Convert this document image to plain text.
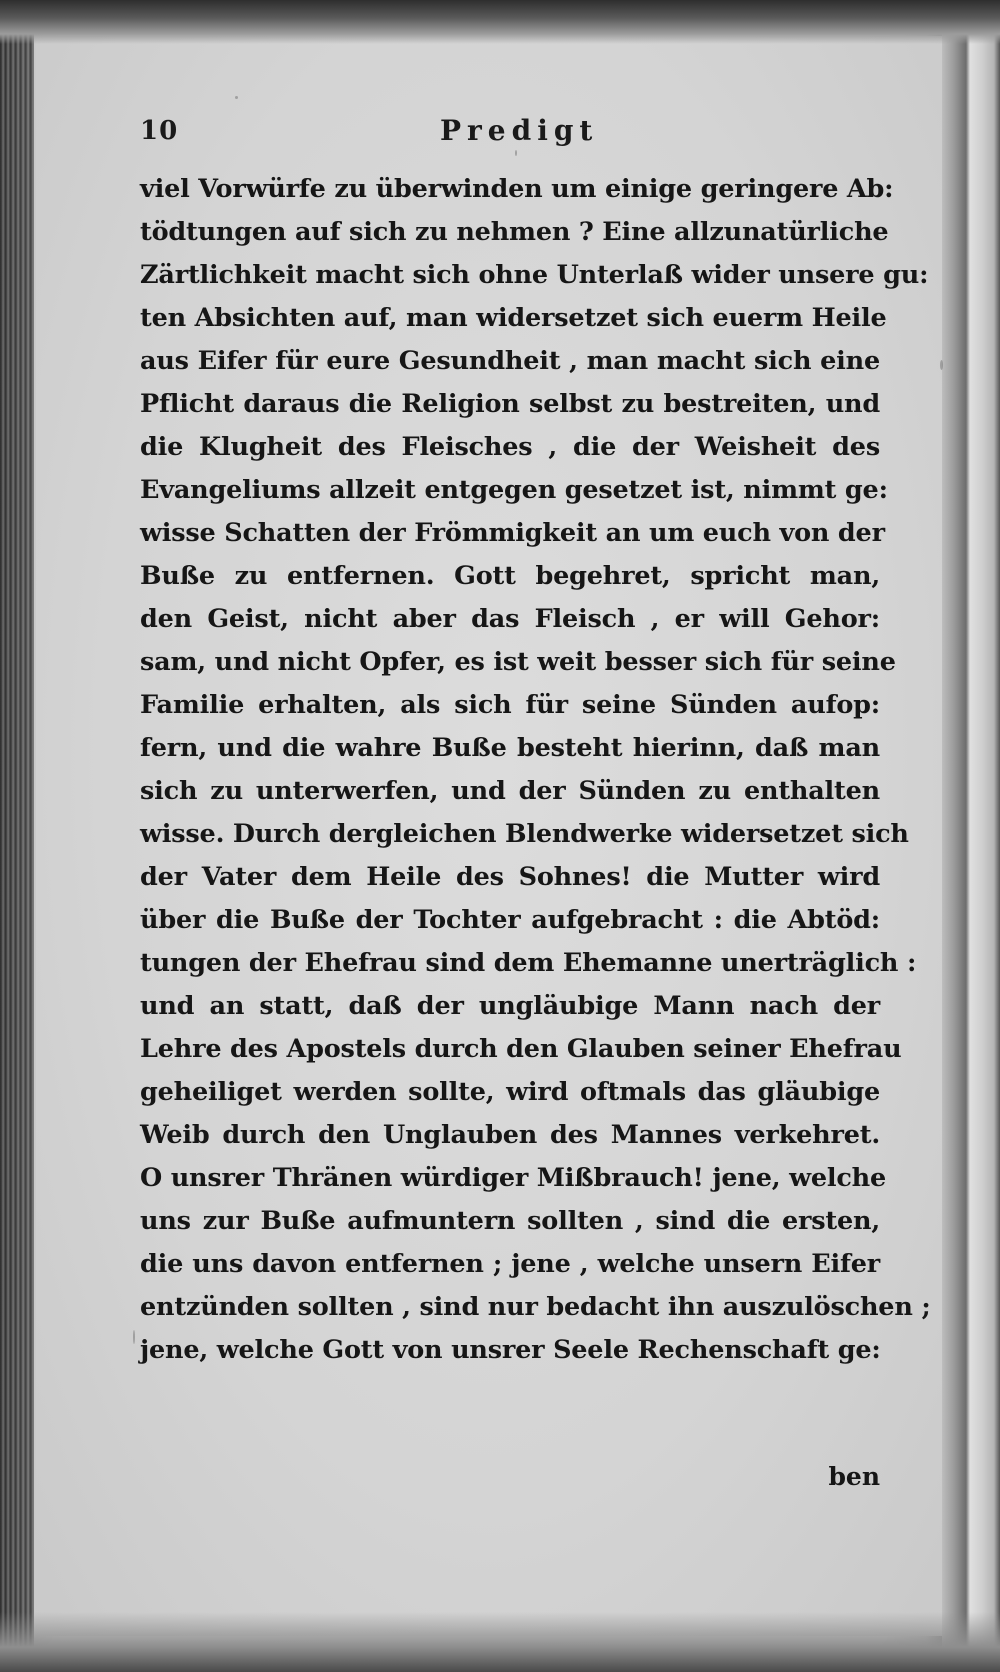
10	Predigt
viel Vorwürfe zu überwinden um einige geringere Ab:
tödtungen auf sich zu nehmen ? Eine allzunatürliche
Zärtlichkeit macht sich ohne Unterlaß wider unsere gu:
ten Absichten auf, man widersetzet sich euerm Heile
aus Eifer für eure Gesundheit , man macht sich eine
Pflicht daraus die Religion selbst zu bestreiten, und
die Klugheit des Fleisches , die der Weisheit des
Evangeliums allzeit entgegen gesetzet ist, nimmt ge:
wisse Schatten der Frömmigkeit an um euch von der
Buße zu entfernen. Gott begehret, spricht man,
den Geist, nicht aber das Fleisch , er will Gehor:
sam, und nicht Opfer, es ist weit besser sich für seine
Familie erhalten, als sich für seine Sünden aufop:
fern, und die wahre Buße besteht hierinn, daß man
sich zu unterwerfen, und der Sünden zu enthalten
wisse. Durch dergleichen Blendwerke widersetzet sich
der Vater dem Heile des Sohnes! die Mutter wird
über die Buße der Tochter aufgebracht : die Abtöd:
tungen der Ehefrau sind dem Ehemanne unerträglich :
und an statt, daß der ungläubige Mann nach der
Lehre des Apostels durch den Glauben seiner Ehefrau
geheiliget werden sollte, wird oftmals das gläubige
Weib durch den Unglauben des Mannes verkehret.
O unsrer Thränen würdiger Mißbrauch! jene, welche
uns zur Buße aufmuntern sollten , sind die ersten,
die uns davon entfernen ; jene , welche unsern Eifer
entzünden sollten , sind nur bedacht ihn auszulöschen ;
jene, welche Gott von unsrer Seele Rechenschaft ge:
ben
